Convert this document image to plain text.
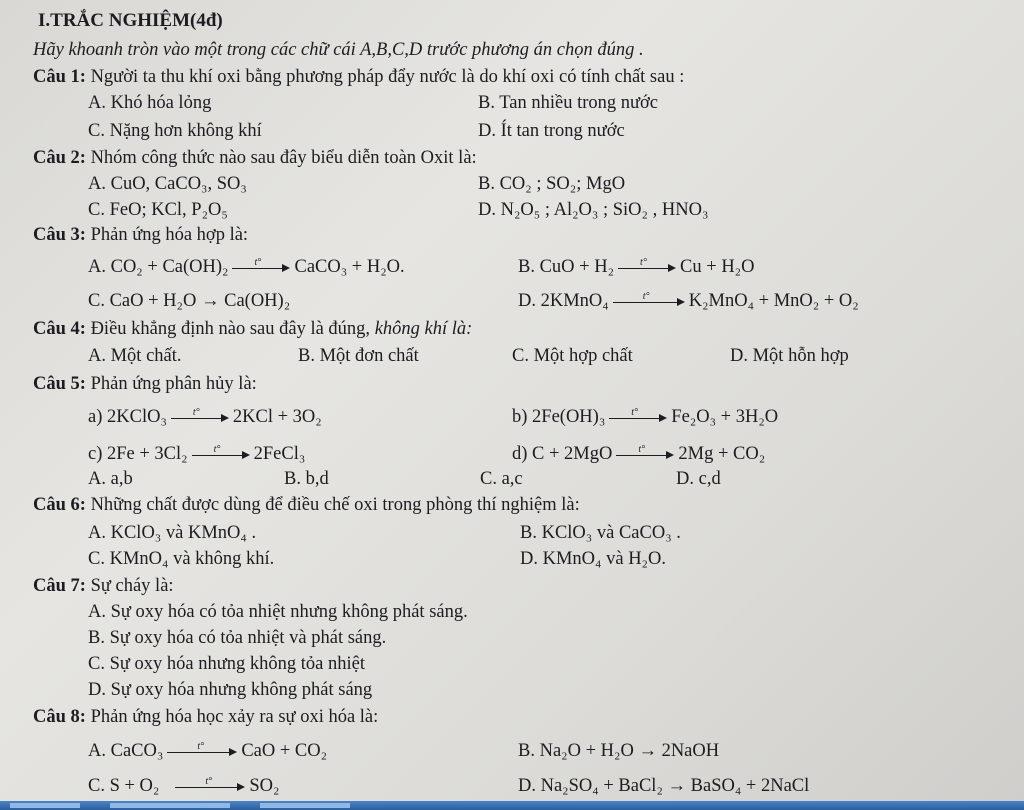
I.TRẮC NGHIỆM(4đ)
Hãy khoanh tròn vào một trong các chữ cái A,B,C,D trước phương án chọn đúng .
Câu 1: Người ta thu khí oxi bằng phương pháp đẩy nước là do khí oxi có tính chất sau :
A. Khó hóa lỏng	B. Tan nhiều trong nước
C. Nặng hơn không khí	D. Ít tan trong nước
Câu 2: Nhóm công thức nào sau đây biểu diễn toàn Oxit là:
A. CuO, CaCO₃, SO₃	B. CO₂ ; SO₂; MgO
C. FeO; KCl, P₂O₅	D. N₂O₅ ; Al₂O₃ ; SiO₂ , HNO₃
Câu 3: Phản ứng hóa hợp là:
A. CO₂ + Ca(OH)₂	t° CaCO₃ + H₂O.	B. CuO + H₂	t° Cu + H₂O
C. CaO + H₂O → Ca(OH)₂	D. 2KMnO₄	t° K₂MnO₄ + MnO₂ + O₂
Câu 4: Điều khẳng định nào sau đây là đúng, không khí là:
A. Một chất.	B. Một đơn chất	C. Một hợp chất	D. Một hỗn hợp
Câu 5: Phản ứng phân hủy là:
a) 2KClO₃	t° 2KCl + 3O₂	b) 2Fe(OH)₃	t° Fe₂O₃ + 3H₂O
c) 2Fe + 3Cl₂	t° 2FeCl₃	d) C + 2MgO	t° 2Mg + CO₂
A. a,b	B. b,d	C. a,c	D. c,d
Câu 6: Những chất được dùng để điều chế oxi trong phòng thí nghiệm là:
A. KClO₃ và KMnO₄ .	B. KClO₃ và CaCO₃ .
C. KMnO₄ và không khí.	D. KMnO₄ và H₂O.
Câu 7: Sự cháy là:
A. Sự oxy hóa có tỏa nhiệt nhưng không phát sáng.
B. Sự oxy hóa có tỏa nhiệt và phát sáng.
C. Sự oxy hóa nhưng không tỏa nhiệt
D. Sự oxy hóa nhưng không phát sáng
Câu 8: Phản ứng hóa học xảy ra sự oxi hóa là:
A. CaCO₃	t° CaO + CO₂	B. Na₂O + H₂O → 2NaOH
C. S + O₂	t° SO₂	D. Na₂SO₄ + BaCl₂ → BaSO₄ + 2NaCl
